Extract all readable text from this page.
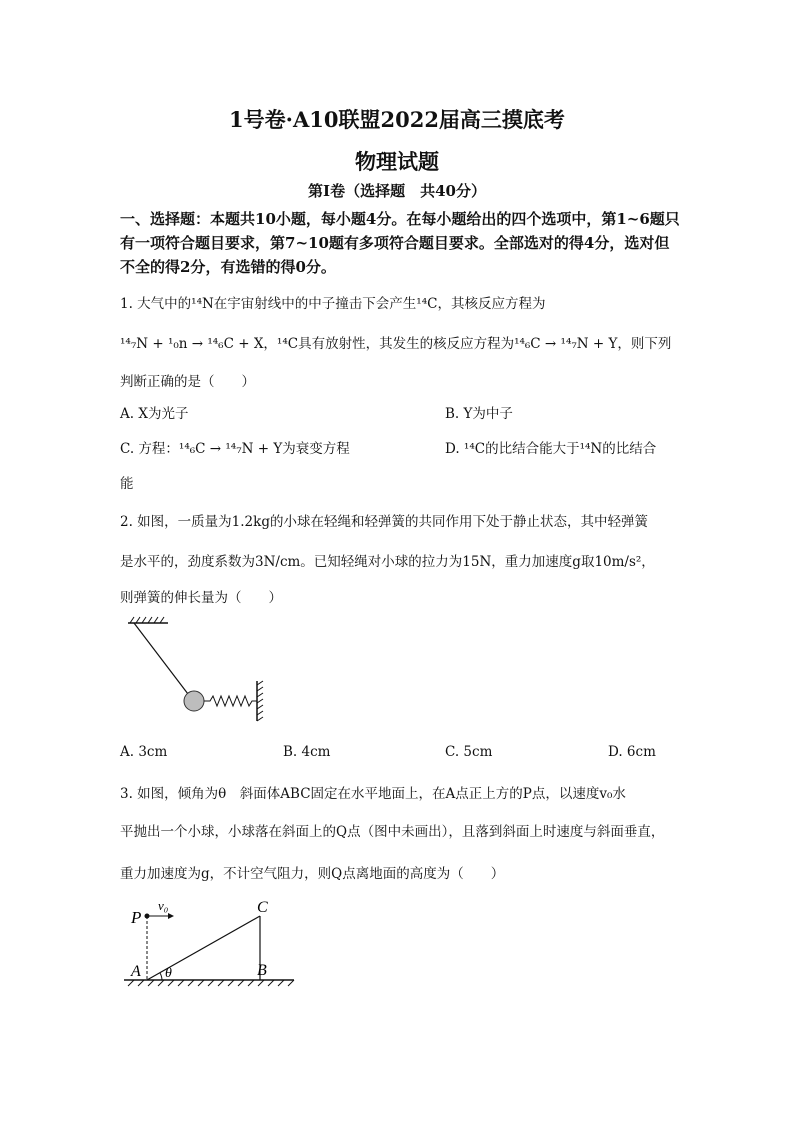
1号卷·A10联盟2022届高三摸底考
物理试题
第Ⅰ卷（选择题　共40分）
一、选择题：本题共10小题，每小题4分。在每小题给出的四个选项中，第1~6题只有一项符合题目要求，第7~10题有多项符合题目要求。全部选对的得4分，选对但不全的得2分，有选错的得0分。
1. 大气中的¹⁴N在宇宙射线中的中子撞击下会产生¹⁴C，其核反应方程为
¹⁴₇N + ¹₀n → ¹⁴₆C + X，¹⁴C具有放射性，其发生的核反应方程为¹⁴₆C → ¹⁴₇N + Y，则下列
判断正确的是（　　）
A. X为光子	B. Y为中子
C. 方程：¹⁴₆C → ¹⁴₇N + Y为衰变方程	D. ¹⁴C的比结合能大于¹⁴N的比结合
能
2. 如图，一质量为1.2kg的小球在轻绳和轻弹簧的共同作用下处于静止状态，其中轻弹簧
是水平的，劲度系数为3N/cm。已知轻绳对小球的拉力为15N，重力加速度g取10m/s²，
则弹簧的伸长量为（　　）
A. 3cm	B. 4cm	C. 5cm	D. 6cm
3. 如图，倾角为θ　斜面体ABC固定在水平地面上，在A点正上方的P点，以速度v₀水
平抛出一个小球，小球落在斜面上的Q点（图中未画出），且落到斜面上时速度与斜面垂直，
重力加速度为g，不计空气阻力，则Q点离地面的高度为（　　）
P
v₀	C
A θ	B
